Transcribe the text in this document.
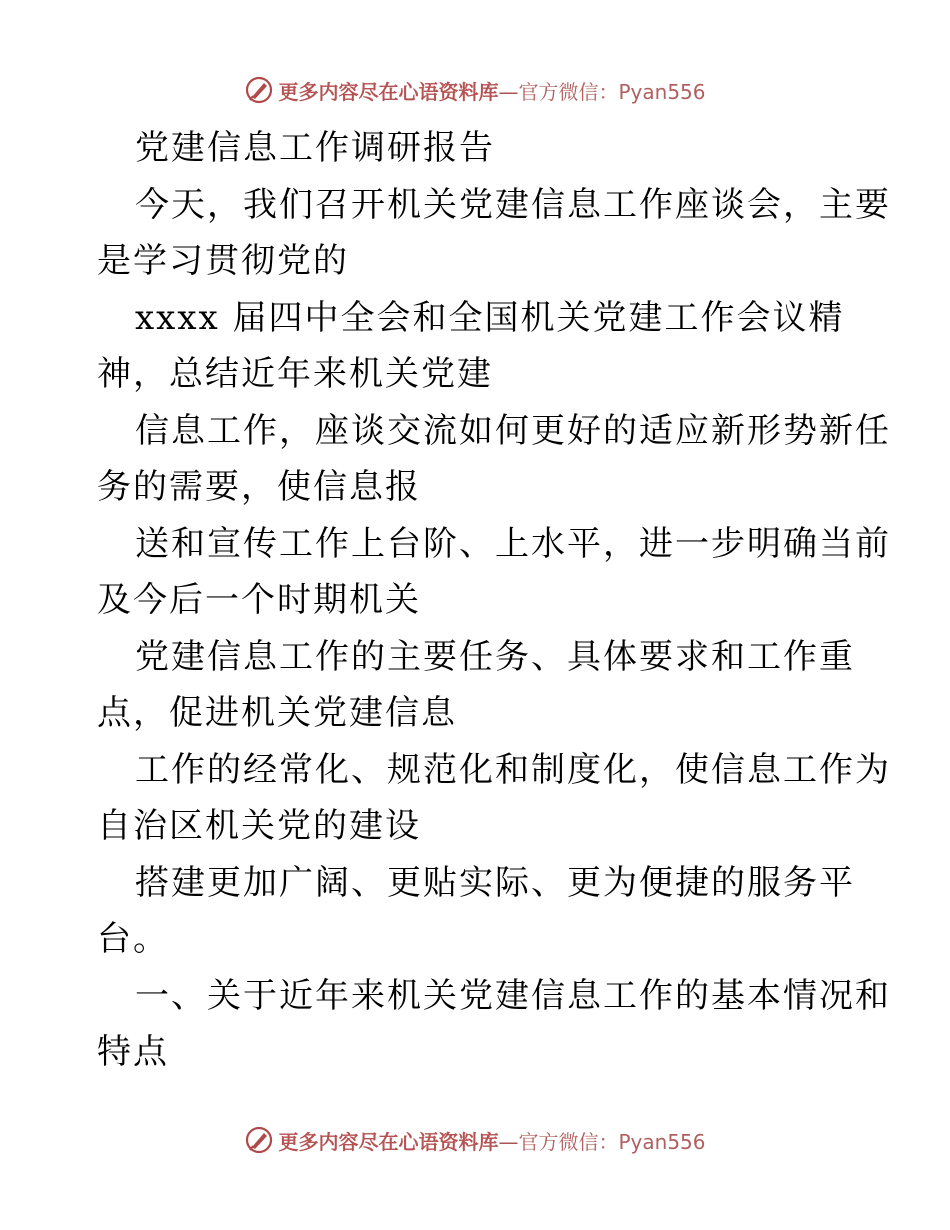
更多内容尽在心语资料库—官方微信：Pyan556
党建信息工作调研报告
今天，我们召开机关党建信息工作座谈会，主要
是学习贯彻党的
xxxx 届四中全会和全国机关党建工作会议精
神，总结近年来机关党建
信息工作，座谈交流如何更好的适应新形势新任
务的需要，使信息报
送和宣传工作上台阶、上水平，进一步明确当前
及今后一个时期机关
党建信息工作的主要任务、具体要求和工作重
点，促进机关党建信息
工作的经常化、规范化和制度化，使信息工作为
自治区机关党的建设
搭建更加广阔、更贴实际、更为便捷的服务平
台。
一、关于近年来机关党建信息工作的基本情况和
特点
更多内容尽在心语资料库—官方微信：Pyan556
